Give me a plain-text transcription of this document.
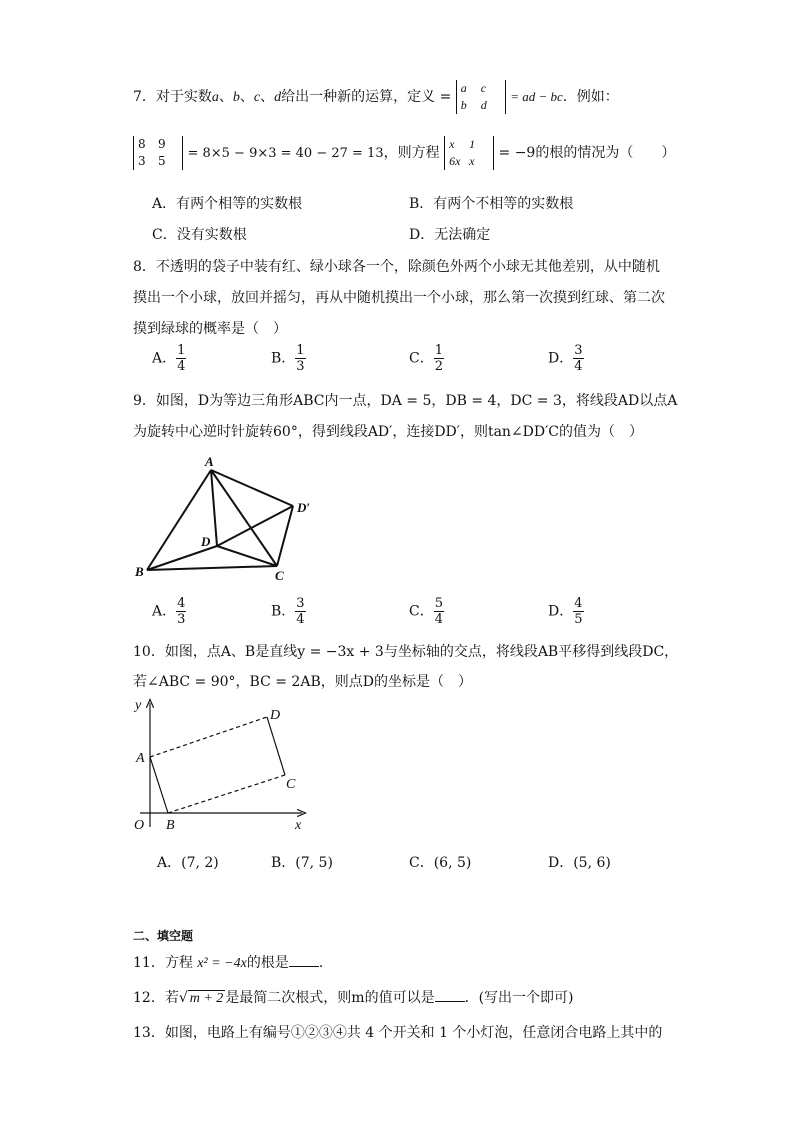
7．对于实数a、b、c、d给出一种新的运算，定义 = a c
b d = ad − bc．例如：
8 9
3 5 = 8×5 − 9×3 = 40 − 27 = 13，则方程 x 1
6x x = −9的根的情况为（　　）
A．有两个相等的实数根	B．有两个不相等的实数根
C．没有实数根	D．无法确定
8．不透明的袋子中装有红、绿小球各一个，除颜色外两个小球无其他差别，从中随机
摸出一个小球，放回并摇匀，再从中随机摸出一个小球，那么第一次摸到红球、第二次
摸到绿球的概率是（　）
A． $\frac{1}{4}$	B． $\frac{1}{3}$	C． $\frac{1}{2}$	D． $\frac{3}{4}$
9．如图，D为等边三角形ABC内一点，DA = 5，DB = 4，DC = 3，将线段AD以点A
为旋转中心逆时针旋转60°，得到线段AD′，连接DD′，则tan∠DD′C的值为（　）
A
B	C
D
D′
A． $\frac{4}{3}$	B． $\frac{3}{4}$	C． $\frac{5}{4}$	D． $\frac{4}{5}$
10．如图，点A、B是直线y = −3x + 3与坐标轴的交点，将线段AB平移得到线段DC，
若∠ABC = 90°，BC = 2AB，则点D的坐标是（　）
y
x
O
A
B
C
D
A．(7, 2)	B．(7, 5)	C．(6, 5)	D．(5, 6)
二、填空题
11．方程 x² = −4x的根是 .
12．若√ m + 2 是最简二次根式，则m的值可以是 ．(写出一个即可)
13．如图，电路上有编号①②③④共 4 个开关和 1 个小灯泡，任意闭合电路上其中的
